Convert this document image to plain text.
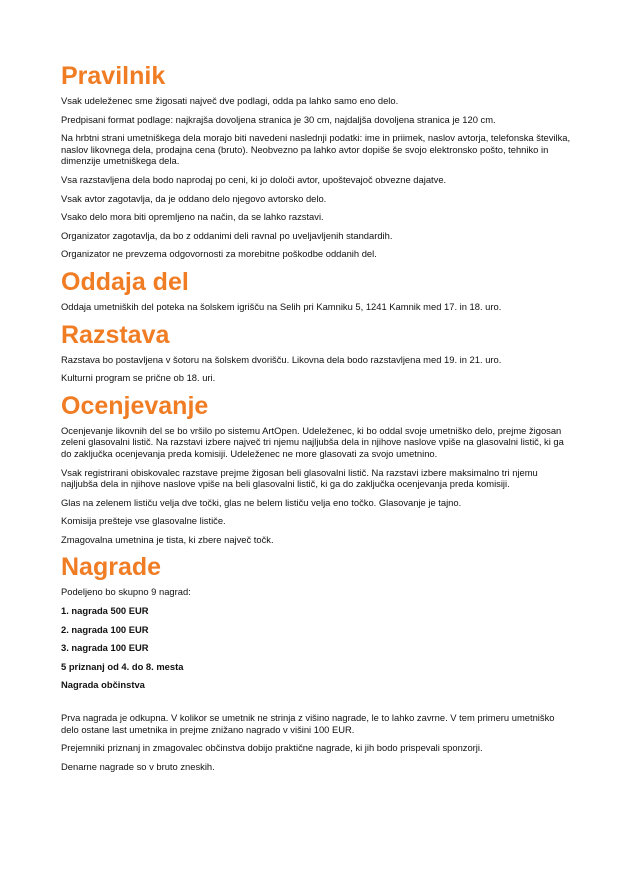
Pravilnik

Vsak udeleženec sme žigosati največ dve podlagi, odda pa lahko samo eno delo.

Predpisani format podlage: najkrajša dovoljena stranica je 30 cm, najdaljša dovoljena stranica je 120 cm.

Na hrbtni strani umetniškega dela morajo biti navedeni naslednji podatki: ime in priimek, naslov avtorja, telefonska številka, naslov likovnega dela, prodajna cena (bruto). Neobvezno pa lahko avtor dopiše še svojo elektronsko pošto, tehniko in dimenzije umetniškega dela.

Vsa razstavljena dela bodo naprodaj po ceni, ki jo določi avtor, upoštevajoč obvezne dajatve.

Vsak avtor zagotavlja, da je oddano delo njegovo avtorsko delo.

Vsako delo mora biti opremljeno na način, da se lahko razstavi.

Organizator zagotavlja, da bo z oddanimi deli ravnal po uveljavljenih standardih.

Organizator ne prevzema odgovornosti za morebitne poškodbe oddanih del.

Oddaja del

Oddaja umetniških del poteka na šolskem igrišču na Selih pri Kamniku 5, 1241 Kamnik med 17. in 18. uro.

Razstava

Razstava bo postavljena v šotoru na šolskem dvorišču. Likovna dela bodo razstavljena med 19. in 21. uro.

Kulturni program se prične ob 18. uri.

Ocenjevanje

Ocenjevanje likovnih del se bo vršilo po sistemu ArtOpen. Udeleženec, ki bo oddal svoje umetniško delo, prejme žigosan zeleni glasovalni listič. Na razstavi izbere največ tri njemu najljubša dela in njihove naslove vpiše na glasovalni listič, ki ga do zaključka ocenjevanja preda komisiji. Udeleženec ne more glasovati za svojo umetnino.

Vsak registrirani obiskovalec razstave prejme žigosan beli glasovalni listič. Na razstavi izbere maksimalno tri njemu najljubša dela in njihove naslove vpiše na beli glasovalni listič, ki ga do zaključka ocenjevanja preda komisiji.

Glas na zelenem lističu velja dve točki, glas ne belem lističu velja eno točko. Glasovanje je tajno.

Komisija prešteje vse glasovalne lističe.

Zmagovalna umetnina je tista, ki zbere največ točk.

Nagrade

Podeljeno bo skupno 9 nagrad:

1. nagrada 500 EUR

2. nagrada 100 EUR

3. nagrada 100 EUR

5 priznanj od 4. do 8. mesta

Nagrada občinstva

Prva nagrada je odkupna. V kolikor se umetnik ne strinja z višino nagrade, le to lahko zavrne. V tem primeru umetniško delo ostane last umetnika in prejme znižano nagrado v višini 100 EUR.

Prejemniki priznanj in zmagovalec občinstva dobijo praktične nagrade, ki jih bodo prispevali sponzorji.

Denarne nagrade so v bruto zneskih.
